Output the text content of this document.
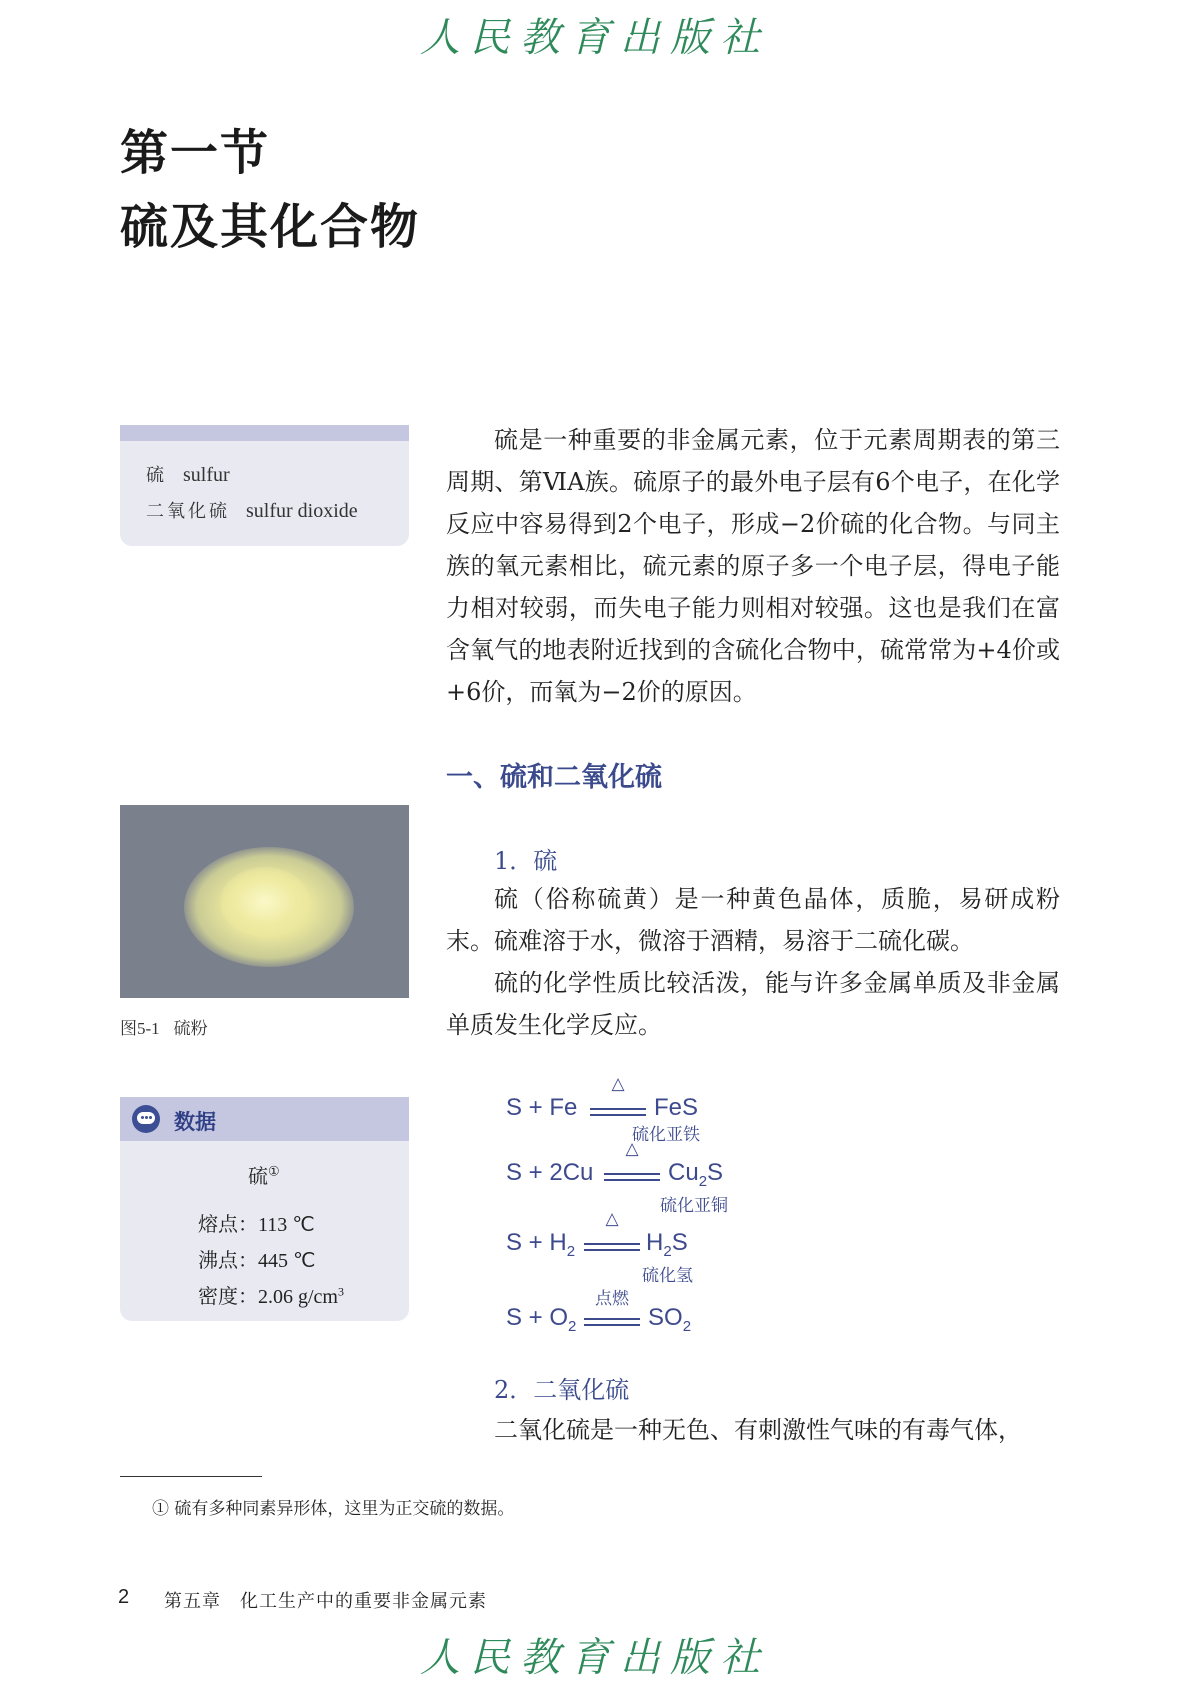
人民教育出版社
第一节
硫及其化合物
硫 sulfur
二氧化硫 sulfur dioxide
硫是一种重要的非金属元素，位于元素周期表的第三周期、第ⅥA族。硫原子的最外电子层有6个电子，在化学反应中容易得到2个电子，形成−2价硫的化合物。与同主族的氧元素相比，硫元素的原子多一个电子层，得电子能力相对较弱，而失电子能力则相对较强。这也是我们在富含氧气的地表附近找到的含硫化合物中，硫常常为+4价或+6价，而氧为−2价的原因。
一、硫和二氧化硫
图5-1 硫粉
1．硫
硫（俗称硫黄）是一种黄色晶体，质脆，易研成粉末。硫难溶于水，微溶于酒精，易溶于二硫化碳。
硫的化学性质比较活泼，能与许多金属单质及非金属单质发生化学反应。
数据
硫①
熔点：113 ℃
沸点：445 ℃
密度：2.06 $g/cm^3$
S + Fe
△
FeS
硫化亚铁
S + 2Cu
△
$Cu_2S$
硫化亚铜
$S + H_2$
△
$H_2S$
硫化氢
$S + O_2$
点燃
$SO_2$
2．二氧化硫
二氧化硫是一种无色、有刺激性气味的有毒气体，
① 硫有多种同素异形体，这里为正交硫的数据。
2 第五章　化工生产中的重要非金属元素
人民教育出版社
